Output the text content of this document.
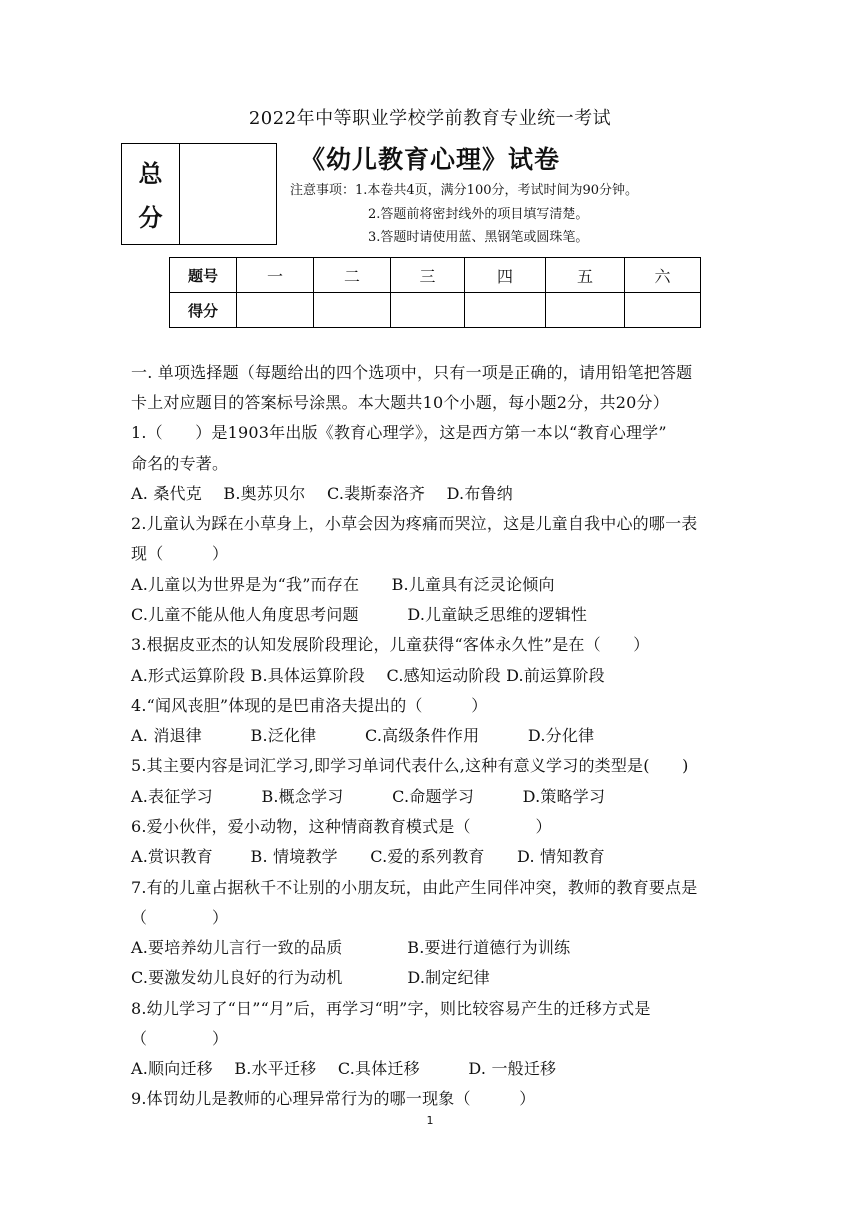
2022年中等职业学校学前教育专业统一考试
总
分
《幼儿教育心理》试卷
注意事项：1.本卷共4页，满分100分，考试时间为90分钟。
2.答题前将密封线外的项目填写清楚。
3.答题时请使用蓝、黑钢笔或圆珠笔。
题号	一	二	三	四	五	六
得分						
一. 单项选择题（每题给出的四个选项中，只有一项是正确的，请用铅笔把答题
卡上对应题目的答案标号涂黑。本大题共10个小题，每小题2分，共20分）
1.（　　）是1903年出版《教育心理学》，这是西方第一本以“教育心理学”
命名的专著。
A. 桑代克　 B.奥苏贝尔　 C.裴斯泰洛齐　 D.布鲁纳
2.儿童认为踩在小草身上，小草会因为疼痛而哭泣，这是儿童自我中心的哪一表
现（　　　）
A.儿童以为世界是为“我”而存在　　B.儿童具有泛灵论倾向
C.儿童不能从他人角度思考问题　　　D.儿童缺乏思维的逻辑性
3.根据皮亚杰的认知发展阶段理论，儿童获得“客体永久性”是在（　　）
A.形式运算阶段 B.具体运算阶段　 C.感知运动阶段 D.前运算阶段
4.“闻风丧胆”体现的是巴甫洛夫提出的（　　　）
A. 消退律　　　B.泛化律　　　C.高级条件作用　　　D.分化律
5.其主要内容是词汇学习,即学习单词代表什么,这种有意义学习的类型是(　　)
A.表征学习　　　B.概念学习　　　C.命题学习　　　D.策略学习
6.爱小伙伴，爱小动物，这种情商教育模式是（　　　　）
A.赏识教育　　 B. 情境教学　　C.爱的系列教育　　D. 情知教育
7.有的儿童占据秋千不让别的小朋友玩，由此产生同伴冲突，教师的教育要点是
（　　　　）
A.要培养幼儿言行一致的品质　　　　B.要进行道德行为训练
C.要激发幼儿良好的行为动机　　　　D.制定纪律
8.幼儿学习了“日”“月”后，再学习“明”字，则比较容易产生的迁移方式是
（　　　　）
A.顺向迁移　 B.水平迁移　 C.具体迁移　　　D. 一般迁移
9.体罚幼儿是教师的心理异常行为的哪一现象（　　　）
1
